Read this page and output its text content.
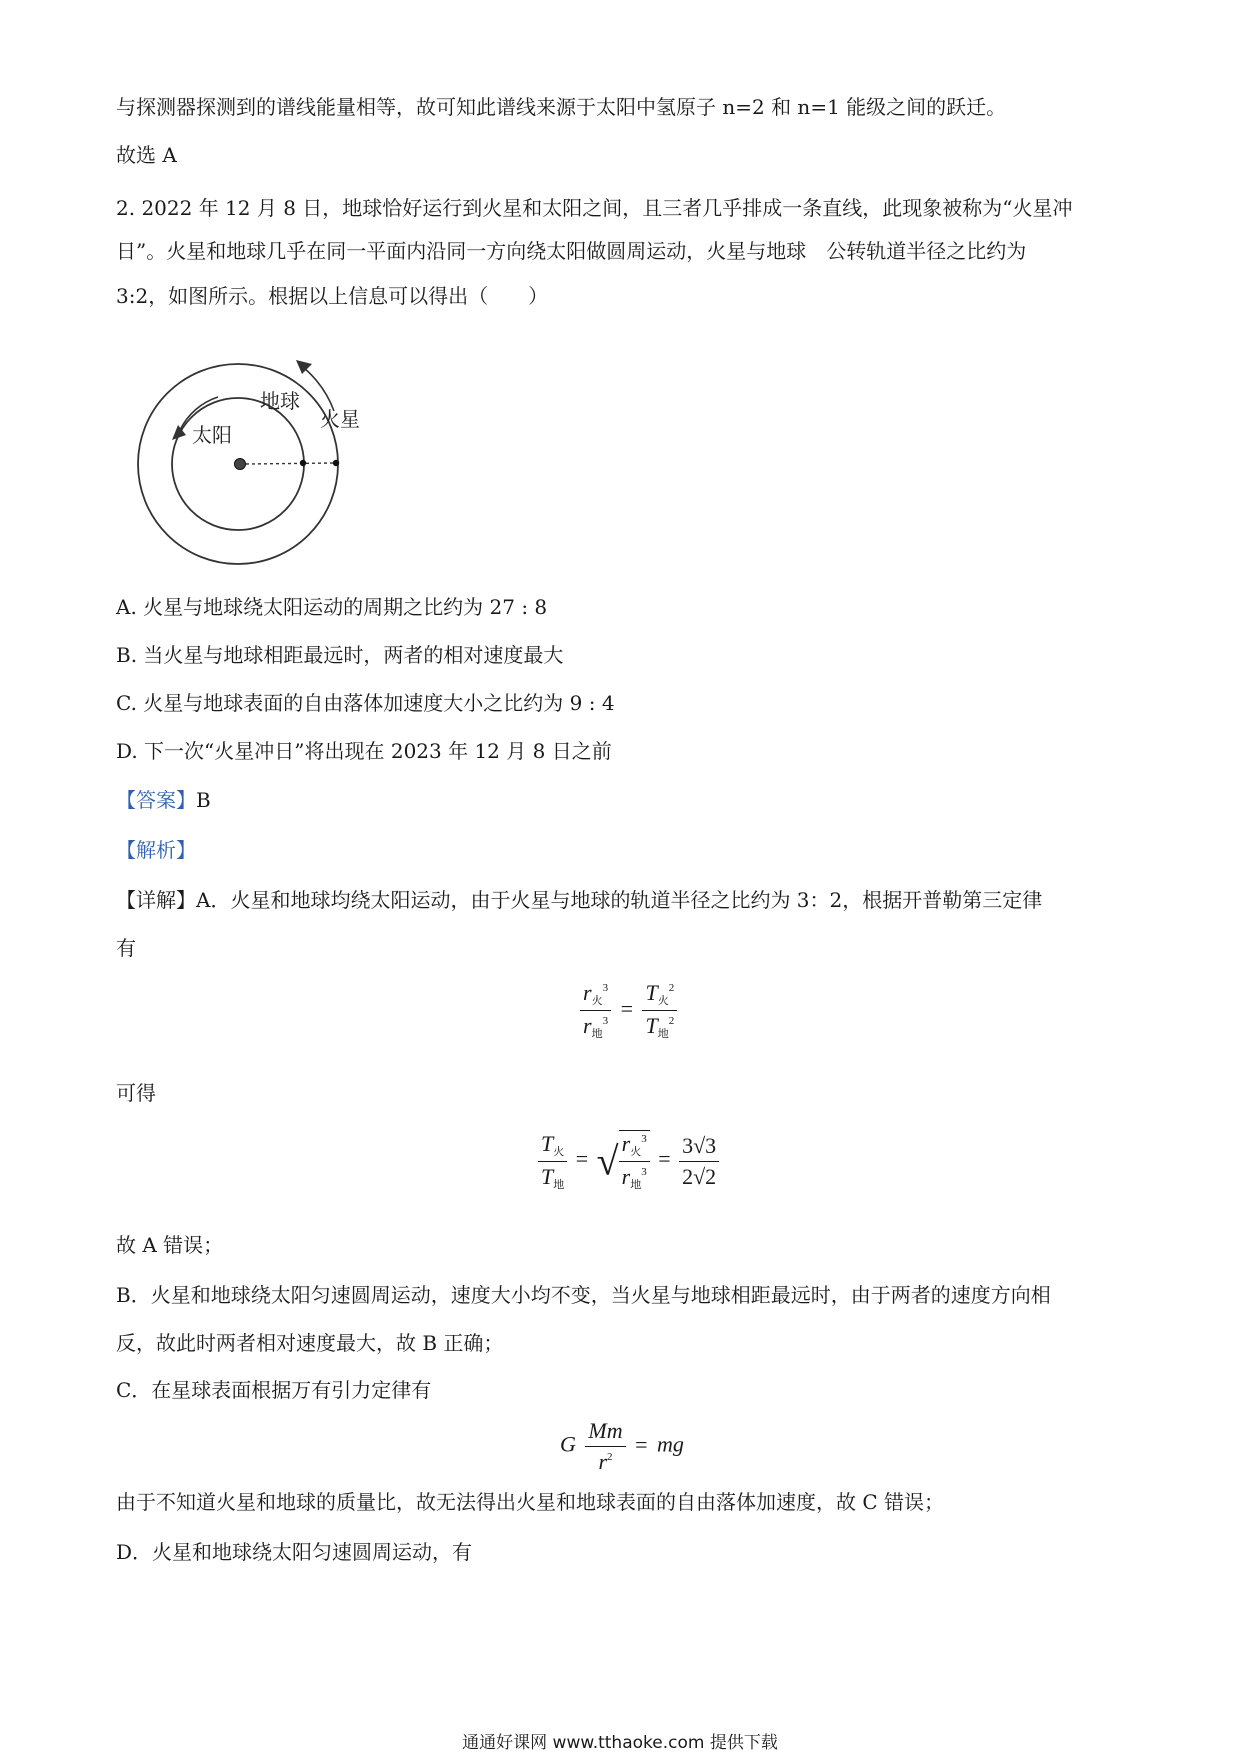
与探测器探测到的谱线能量相等，故可知此谱线来源于太阳中氢原子 n=2 和 n=1 能级之间的跃迁。
故选 A
2. 2022 年 12 月 8 日，地球恰好运行到火星和太阳之间，且三者几乎排成一条直线，此现象被称为“火星冲
日”。火星和地球几乎在同一平面内沿同一方向绕太阳做圆周运动，火星与地球　公转轨道半径之比约为
3:2，如图所示。根据以上信息可以得出（　　）
地球
火星
太阳
A. 火星与地球绕太阳运动的周期之比约为 27 : 8
B. 当火星与地球相距最远时，两者的相对速度最大
C. 火星与地球表面的自由落体加速度大小之比约为 9 : 4
D. 下一次“火星冲日”将出现在 2023 年 12 月 8 日之前
【答案】B
【解析】
【详解】A．火星和地球均绕太阳运动，由于火星与地球的轨道半径之比约为 3：2，根据开普勒第三定律
有
$\frac{r_火^3}{r_地^3} = \frac{T_火^2}{T_地^2}$
可得
$\frac{T_火}{T_地}$ = √ $\frac{r_火^3}{r_地^3} = \frac{3√3}{2√2}$
故 A 错误；
B．火星和地球绕太阳匀速圆周运动，速度大小均不变，当火星与地球相距最远时，由于两者的速度方向相
反，故此时两者相对速度最大，故 B 正确；
C．在星球表面根据万有引力定律有
G $\frac{Mm}{r^2}$ = mg
由于不知道火星和地球的质量比，故无法得出火星和地球表面的自由落体加速度，故 C 错误；
D．火星和地球绕太阳匀速圆周运动，有
通通好课网 www.tthaoke.com 提供下载
